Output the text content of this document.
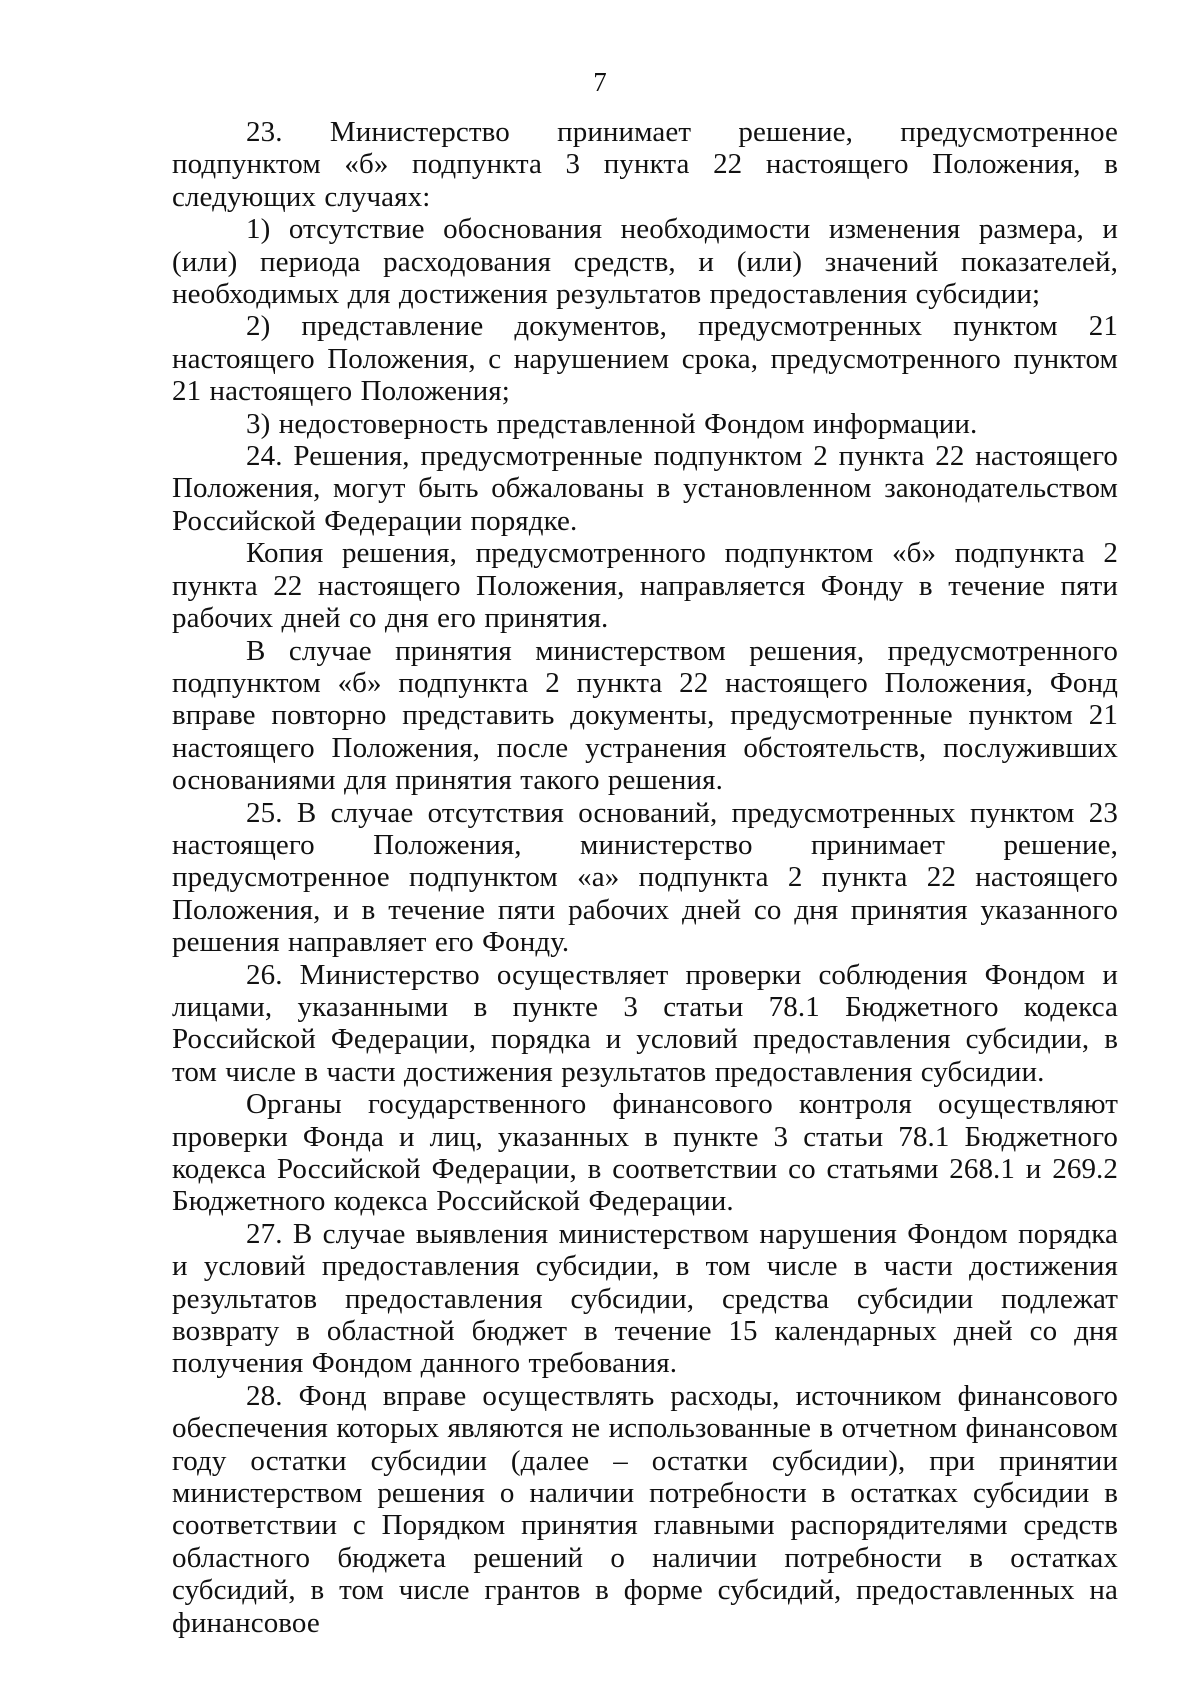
7

23. Министерство принимает решение, предусмотренное подпунктом «б» подпункта 3 пункта 22 настоящего Положения, в следующих случаях:

1) отсутствие обоснования необходимости изменения размера, и (или) периода расходования средств, и (или) значений показателей, необходимых для достижения результатов предоставления субсидии;

2) представление документов, предусмотренных пунктом 21 настоящего Положения, с нарушением срока, предусмотренного пунктом 21 настоящего Положения;

3) недостоверность представленной Фондом информации.

24. Решения, предусмотренные подпунктом 2 пункта 22 настоящего Положения, могут быть обжалованы в установленном законодательством Российской Федерации порядке.

Копия решения, предусмотренного подпунктом «б» подпункта 2 пункта 22 настоящего Положения, направляется Фонду в течение пяти рабочих дней со дня его принятия.

В случае принятия министерством решения, предусмотренного подпунктом «б» подпункта 2 пункта 22 настоящего Положения, Фонд вправе повторно представить документы, предусмотренные пунктом 21 настоящего Положения, после устранения обстоятельств, послуживших основаниями для принятия такого решения.

25. В случае отсутствия оснований, предусмотренных пунктом 23 настоящего Положения, министерство принимает решение, предусмотренное подпунктом «а» подпункта 2 пункта 22 настоящего Положения, и в течение пяти рабочих дней со дня принятия указанного решения направляет его Фонду.

26. Министерство осуществляет проверки соблюдения Фондом и лицами, указанными в пункте 3 статьи 78.1 Бюджетного кодекса Российской Федерации, порядка и условий предоставления субсидии, в том числе в части достижения результатов предоставления субсидии.

Органы государственного финансового контроля осуществляют проверки Фонда и лиц, указанных в пункте 3 статьи 78.1 Бюджетного кодекса Российской Федерации, в соответствии со статьями 268.1 и 269.2 Бюджетного кодекса Российской Федерации.

27. В случае выявления министерством нарушения Фондом порядка и условий предоставления субсидии, в том числе в части достижения результатов предоставления субсидии, средства субсидии подлежат возврату в областной бюджет в течение 15 календарных дней со дня получения Фондом данного требования.

28. Фонд вправе осуществлять расходы, источником финансового обеспечения которых являются не использованные в отчетном финансовом году остатки субсидии (далее – остатки субсидии), при принятии министерством решения о наличии потребности в остатках субсидии в соответствии с Порядком принятия главными распорядителями средств областного бюджета решений о наличии потребности в остатках субсидий, в том числе грантов в форме субсидий, предоставленных на финансовое
